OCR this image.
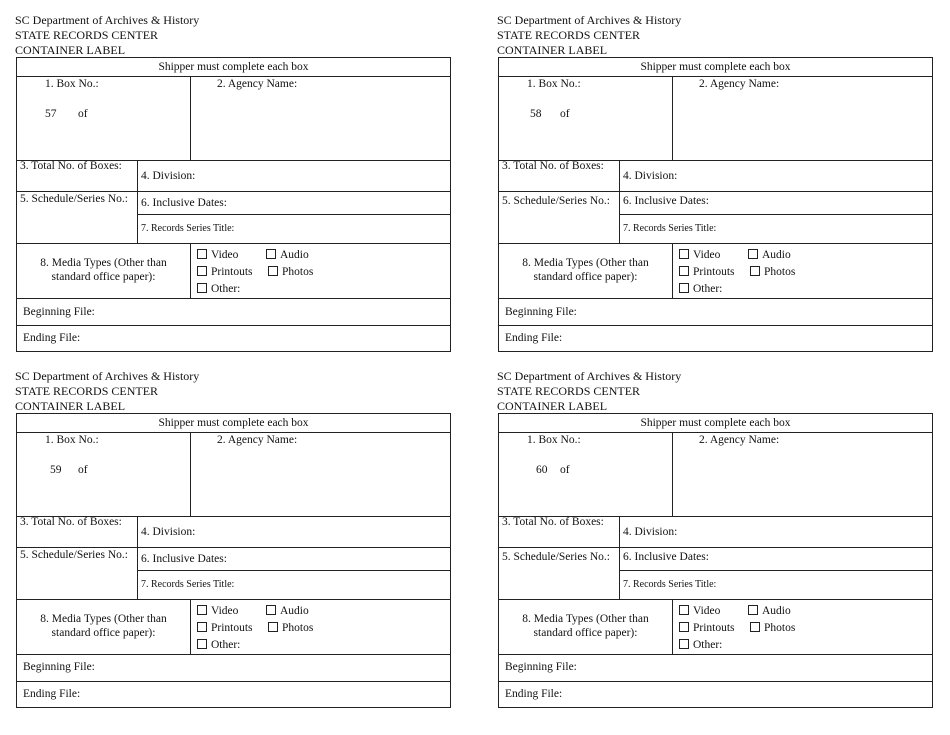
SC Department of Archives & History
STATE RECORDS CENTER
CONTAINER LABEL
Shipper must complete each box
1. Box No.:
57 of
2. Agency Name:
3. Total No. of Boxes:
4. Division:
5. Schedule/Series No.: 6. Inclusive Dates:
7. Records Series Title:
8. Media Types (Other than
standard office paper):
Video	Audio
Printouts	Photos
Other:
Beginning File:
Ending File:
SC Department of Archives & History
STATE RECORDS CENTER
CONTAINER LABEL
Shipper must complete each box
1. Box No.:
58 of
2. Agency Name:
3. Total No. of Boxes:
4. Division:
5. Schedule/Series No.: 6. Inclusive Dates:
7. Records Series Title:
8. Media Types (Other than
standard office paper):
Video	Audio
Printouts	Photos
Other:
Beginning File:
Ending File:
SC Department of Archives & History
STATE RECORDS CENTER
CONTAINER LABEL
Shipper must complete each box
1. Box No.:
59 of
2. Agency Name:
3. Total No. of Boxes:
4. Division:
5. Schedule/Series No.: 6. Inclusive Dates:
7. Records Series Title:
8. Media Types (Other than
standard office paper):
Video	Audio
Printouts	Photos
Other:
Beginning File:
Ending File:
SC Department of Archives & History
STATE RECORDS CENTER
CONTAINER LABEL
Shipper must complete each box
1. Box No.:
60 of
2. Agency Name:
3. Total No. of Boxes:
4. Division:
5. Schedule/Series No.: 6. Inclusive Dates:
7. Records Series Title:
8. Media Types (Other than
standard office paper):
Video	Audio
Printouts	Photos
Other:
Beginning File:
Ending File:
